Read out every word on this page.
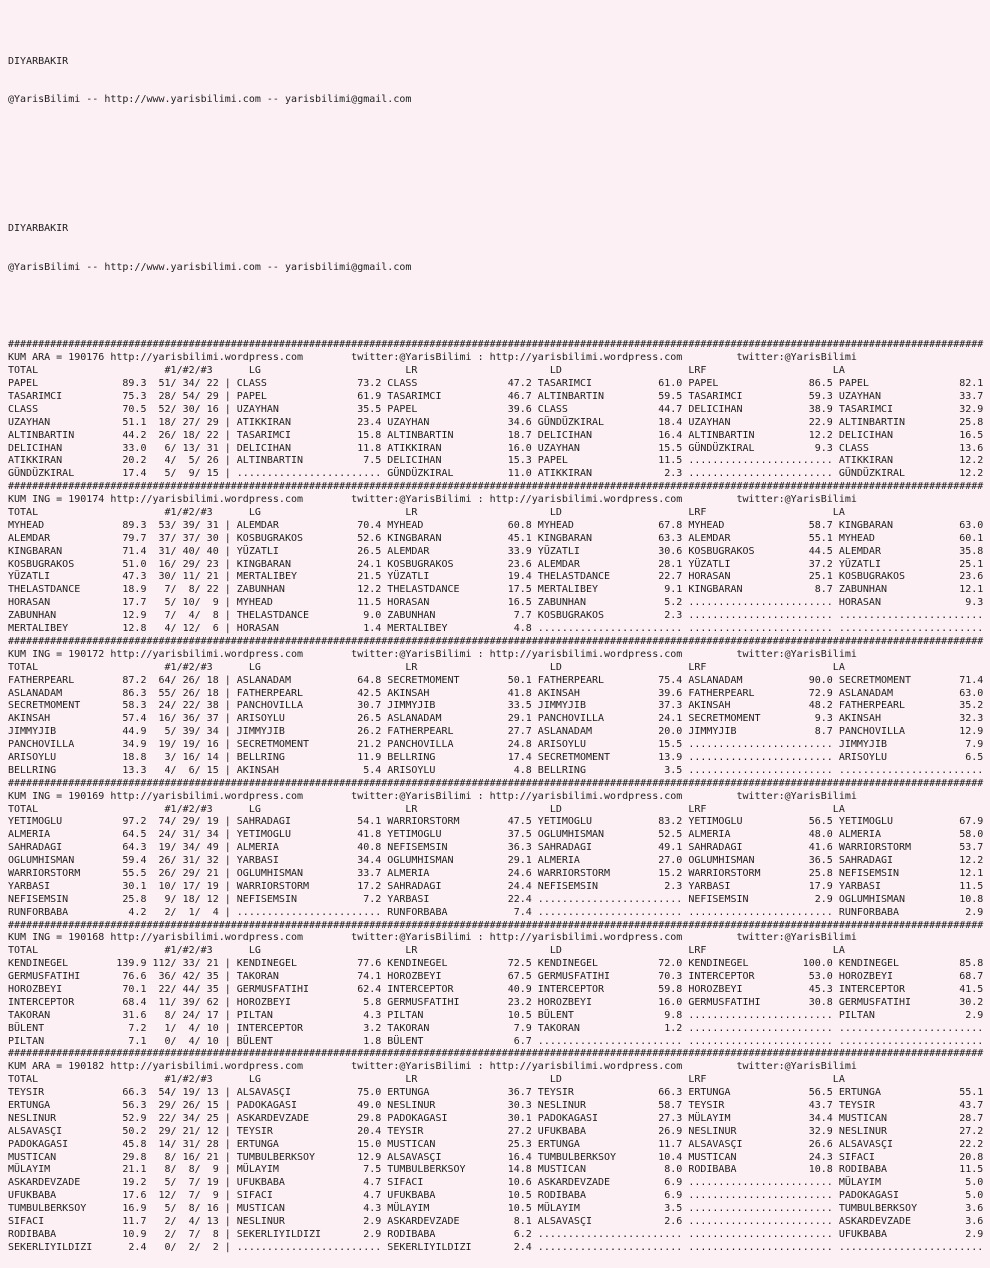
DIYARBAKIR

@YarisBilimi -- http://www.yarisbilimi.com -- yarisbilimi@gmail.com

DIYARBAKIR

@YarisBilimi -- http://www.yarisbilimi.com -- yarisbilimi@gmail.com

##################################################################################################################################################################
KUM ARA = 190176 http://yarisbilimi.wordpress.com        twitter:@YarisBilimi : http://yarisbilimi.wordpress.com         twitter:@YarisBilimi
TOTAL                     #1/#2/#3      LG                        LR                      LD                     LRF                     LA
PAPEL              89.3  51/ 34/ 22 | CLASS               73.2 CLASS               47.2 TASARIMCI           61.0 PAPEL               86.5 PAPEL               82.1
TASARIMCI          75.3  28/ 54/ 29 | PAPEL               61.9 TASARIMCI           46.7 ALTINBARTIN         59.5 TASARIMCI           59.3 UZAYHAN             33.7
CLASS              70.5  52/ 30/ 16 | UZAYHAN             35.5 PAPEL               39.6 CLASS               44.7 DELICIHAN           38.9 TASARIMCI           32.9
UZAYHAN            51.1  18/ 27/ 29 | ATIKKIRAN           23.4 UZAYHAN             34.6 GÜNDÜZKIRAL         18.4 UZAYHAN             22.9 ALTINBARTIN         25.8
ALTINBARTIN        44.2  26/ 18/ 22 | TASARIMCI           15.8 ALTINBARTIN         18.7 DELICIHAN           16.4 ALTINBARTIN         12.2 DELICIHAN           16.5
DELICIHAN          33.0   6/ 13/ 31 | DELICIHAN           11.8 ATIKKIRAN           16.0 UZAYHAN             15.5 GÜNDÜZKIRAL          9.3 CLASS               13.6
ATIKKIRAN          20.2   4/  5/ 26 | ALTINBARTIN          7.5 DELICIHAN           15.3 PAPEL               11.5 ........................ ATIKKIRAN           12.2
GÜNDÜZKIRAL        17.4   5/  9/ 15 | ........................ GÜNDÜZKIRAL         11.0 ATIKKIRAN            2.3 ........................ GÜNDÜZKIRAL         12.2
##################################################################################################################################################################
KUM ING = 190174 http://yarisbilimi.wordpress.com        twitter:@YarisBilimi : http://yarisbilimi.wordpress.com         twitter:@YarisBilimi
TOTAL                     #1/#2/#3      LG                        LR                      LD                     LRF                     LA
MYHEAD             89.3  53/ 39/ 31 | ALEMDAR             70.4 MYHEAD              60.8 MYHEAD              67.8 MYHEAD              58.7 KINGBARAN           63.0
ALEMDAR            79.7  37/ 37/ 30 | KOSBUGRAKOS         52.6 KINGBARAN           45.1 KINGBARAN           63.3 ALEMDAR             55.1 MYHEAD              60.1
KINGBARAN          71.4  31/ 40/ 40 | YÜZATLI             26.5 ALEMDAR             33.9 YÜZATLI             30.6 KOSBUGRAKOS         44.5 ALEMDAR             35.8
KOSBUGRAKOS        51.0  16/ 29/ 23 | KINGBARAN           24.1 KOSBUGRAKOS         23.6 ALEMDAR             28.1 YÜZATLI             37.2 YÜZATLI             25.1
YÜZATLI            47.3  30/ 11/ 21 | MERTALIBEY          21.5 YÜZATLI             19.4 THELASTDANCE        22.7 HORASAN             25.1 KOSBUGRAKOS         23.6
THELASTDANCE       18.9   7/  8/ 22 | ZABUNHAN            12.2 THELASTDANCE        17.5 MERTALIBEY           9.1 KINGBARAN            8.7 ZABUNHAN            12.1
HORASAN            17.7   5/ 10/  9 | MYHEAD              11.5 HORASAN             16.5 ZABUNHAN             5.2 ........................ HORASAN              9.3
ZABUNHAN           12.9   7/  4/  8 | THELASTDANCE         9.0 ZABUNHAN             7.7 KOSBUGRAKOS          2.3 ........................ ........................
MERTALIBEY         12.8   4/ 12/  6 | HORASAN              1.4 MERTALIBEY           4.8 ........................ ........................ ........................
##################################################################################################################################################################
KUM ING = 190172 http://yarisbilimi.wordpress.com        twitter:@YarisBilimi : http://yarisbilimi.wordpress.com         twitter:@YarisBilimi
TOTAL                     #1/#2/#3      LG                        LR                      LD                     LRF                     LA
FATHERPEARL        87.2  64/ 26/ 18 | ASLANADAM           64.8 SECRETMOMENT        50.1 FATHERPEARL         75.4 ASLANADAM           90.0 SECRETMOMENT        71.4
ASLANADAM          86.3  55/ 26/ 18 | FATHERPEARL         42.5 AKINSAH             41.8 AKINSAH             39.6 FATHERPEARL         72.9 ASLANADAM           63.0
SECRETMOMENT       58.3  24/ 22/ 38 | PANCHOVILLA         30.7 JIMMYJIB            33.5 JIMMYJIB            37.3 AKINSAH             48.2 FATHERPEARL         35.2
AKINSAH            57.4  16/ 36/ 37 | ARISOYLU            26.5 ASLANADAM           29.1 PANCHOVILLA         24.1 SECRETMOMENT         9.3 AKINSAH             32.3
JIMMYJIB           44.9   5/ 39/ 34 | JIMMYJIB            26.2 FATHERPEARL         27.7 ASLANADAM           20.0 JIMMYJIB             8.7 PANCHOVILLA         12.9
PANCHOVILLA        34.9  19/ 19/ 16 | SECRETMOMENT        21.2 PANCHOVILLA         24.8 ARISOYLU            15.5 ........................ JIMMYJIB             7.9
ARISOYLU           18.8   3/ 16/ 14 | BELLRING            11.9 BELLRING            17.4 SECRETMOMENT        13.9 ........................ ARISOYLU             6.5
BELLRING           13.3   4/  6/ 15 | AKINSAH              5.4 ARISOYLU             4.8 BELLRING             3.5 ........................ ........................
##################################################################################################################################################################
KUM ING = 190169 http://yarisbilimi.wordpress.com        twitter:@YarisBilimi : http://yarisbilimi.wordpress.com         twitter:@YarisBilimi
TOTAL                     #1/#2/#3      LG                        LR                      LD                     LRF                     LA
YETIMOGLU          97.2  74/ 29/ 19 | SAHRADAGI           54.1 WARRIORSTORM        47.5 YETIMOGLU           83.2 YETIMOGLU           56.5 YETIMOGLU           67.9
ALMERIA            64.5  24/ 31/ 34 | YETIMOGLU           41.8 YETIMOGLU           37.5 OGLUMHISMAN         52.5 ALMERIA             48.0 ALMERIA             58.0
SAHRADAGI          64.3  19/ 34/ 49 | ALMERIA             40.8 NEFISEMSIN          36.3 SAHRADAGI           49.1 SAHRADAGI           41.6 WARRIORSTORM        53.7
OGLUMHISMAN        59.4  26/ 31/ 32 | YARBASI             34.4 OGLUMHISMAN         29.1 ALMERIA             27.0 OGLUMHISMAN         36.5 SAHRADAGI           12.2
WARRIORSTORM       55.5  26/ 29/ 21 | OGLUMHISMAN         33.7 ALMERIA             24.6 WARRIORSTORM        15.2 WARRIORSTORM        25.8 NEFISEMSIN          12.1
YARBASI            30.1  10/ 17/ 19 | WARRIORSTORM        17.2 SAHRADAGI           24.4 NEFISEMSIN           2.3 YARBASI             17.9 YARBASI             11.5
NEFISEMSIN         25.8   9/ 18/ 12 | NEFISEMSIN           7.2 YARBASI             22.4 ........................ NEFISEMSIN           2.9 OGLUMHISMAN         10.8
RUNFORBABA          4.2   2/  1/  4 | ........................ RUNFORBABA           7.4 ........................ ........................ RUNFORBABA           2.9
##################################################################################################################################################################
KUM ING = 190168 http://yarisbilimi.wordpress.com        twitter:@YarisBilimi : http://yarisbilimi.wordpress.com         twitter:@YarisBilimi
TOTAL                     #1/#2/#3      LG                        LR                      LD                     LRF                     LA
KENDINEGEL        139.9 112/ 33/ 21 | KENDINEGEL          77.6 KENDINEGEL          72.5 KENDINEGEL          72.0 KENDINEGEL         100.0 KENDINEGEL          85.8
GERMUSFATIHI       76.6  36/ 42/ 35 | TAKORAN             74.1 HOROZBEYI           67.5 GERMUSFATIHI        70.3 INTERCEPTOR         53.0 HOROZBEYI           68.7
HOROZBEYI          70.1  22/ 44/ 35 | GERMUSFATIHI        62.4 INTERCEPTOR         40.9 INTERCEPTOR         59.8 HOROZBEYI           45.3 INTERCEPTOR         41.5
INTERCEPTOR        68.4  11/ 39/ 62 | HOROZBEYI            5.8 GERMUSFATIHI        23.2 HOROZBEYI           16.0 GERMUSFATIHI        30.8 GERMUSFATIHI        30.2
TAKORAN            31.6   8/ 24/ 17 | PILTAN               4.3 PILTAN              10.5 BÜLENT               9.8 ........................ PILTAN               2.9
BÜLENT              7.2   1/  4/ 10 | INTERCEPTOR          3.2 TAKORAN              7.9 TAKORAN              1.2 ........................ ........................
PILTAN              7.1   0/  4/ 10 | BÜLENT               1.8 BÜLENT               6.7 ........................ ........................ ........................
##################################################################################################################################################################
KUM ARA = 190182 http://yarisbilimi.wordpress.com        twitter:@YarisBilimi : http://yarisbilimi.wordpress.com         twitter:@YarisBilimi
TOTAL                     #1/#2/#3      LG                        LR                      LD                     LRF                     LA
TEYSIR             66.3  54/ 19/ 13 | ALSAVASÇI           75.0 ERTUNGA             36.7 TEYSIR              66.3 ERTUNGA             56.5 ERTUNGA             55.1
ERTUNGA            56.3  29/ 26/ 15 | PADOKAGASI          49.0 NESLINUR            30.3 NESLINUR            58.7 TEYSIR              43.7 TEYSIR              43.7
NESLINUR           52.9  22/ 34/ 25 | ASKARDEVZADE        29.8 PADOKAGASI          30.1 PADOKAGASI          27.3 MÜLAYIM             34.4 MUSTICAN            28.7
ALSAVASÇI          50.2  29/ 21/ 12 | TEYSIR              20.4 TEYSIR              27.2 UFUKBABA            26.9 NESLINUR            32.9 NESLINUR            27.2
PADOKAGASI         45.8  14/ 31/ 28 | ERTUNGA             15.0 MUSTICAN            25.3 ERTUNGA             11.7 ALSAVASÇI           26.6 ALSAVASÇI           22.2
MUSTICAN           29.8   8/ 16/ 21 | TUMBULBERKSOY       12.9 ALSAVASÇI           16.4 TUMBULBERKSOY       10.4 MUSTICAN            24.3 SIFACI              20.8
MÜLAYIM            21.1   8/  8/  9 | MÜLAYIM              7.5 TUMBULBERKSOY       14.8 MUSTICAN             8.0 RODIBABA            10.8 RODIBABA            11.5
ASKARDEVZADE       19.2   5/  7/ 19 | UFUKBABA             4.7 SIFACI              10.6 ASKARDEVZADE         6.9 ........................ MÜLAYIM              5.0
UFUKBABA           17.6  12/  7/  9 | SIFACI               4.7 UFUKBABA            10.5 RODIBABA             6.9 ........................ PADOKAGASI           5.0
TUMBULBERKSOY      16.9   5/  8/ 16 | MUSTICAN             4.3 MÜLAYIM             10.5 MÜLAYIM              3.5 ........................ TUMBULBERKSOY        3.6
SIFACI             11.7   2/  4/ 13 | NESLINUR             2.9 ASKARDEVZADE         8.1 ALSAVASÇI            2.6 ........................ ASKARDEVZADE         3.6
RODIBABA           10.9   2/  7/  8 | SEKERLIYILDIZI       2.9 RODIBABA             6.2 ........................ ........................ UFUKBABA             2.9
SEKERLIYILDIZI      2.4   0/  2/  2 | ........................ SEKERLIYILDIZI       2.4 ........................ ........................ ........................
